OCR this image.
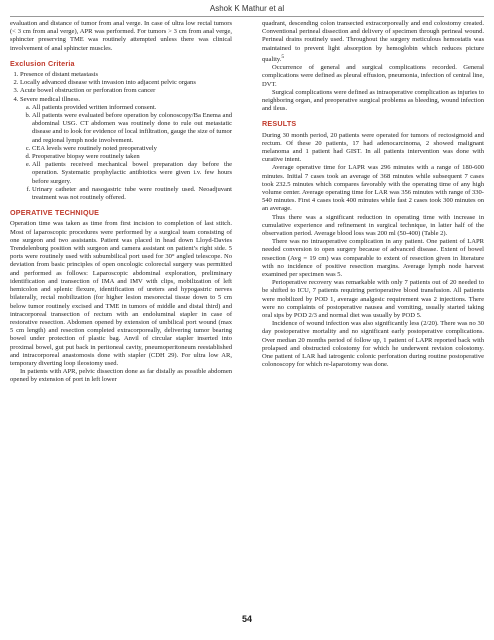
Ashok K Mathur et al

evaluation and distance of tumor from anal verge. In case of ultra low rectal tumors (< 3 cm from anal verge), APR was performed. For tumors > 3 cm from anal verge, sphincter preserving TME was routinely attempted unless there was clinical involvement of anal sphincter muscles.

Exclusion Criteria
1. Presence of distant metastasis
2. Locally advanced disease with invasion into adjacent pelvic organs
3. Acute bowel obstruction or perforation from cancer
4. Severe medical illness.
a. All patients provided written informed consent.
b. All patients were evaluated before operation by colonoscopy/Ba Enema and abdominal USG. CT abdomen was routinely done to rule out metastatic disease and to look for evidence of local infiltration, gauge the size of tumor and regional lymph node involvement.
c. CEA levels were routinely noted preoperatively
d. Preoperative biopsy were routinely taken
e. All patients received mechanical bowel preparation day before the operation. Systematic prophylactic antibiotics were given i.v. few hours before surgery.
f. Urinary catheter and nasogastric tube were routinely used. Neoadjuvant treatment was not routinely offered.
OPERATIVE TECHNIQUE

Operation time was taken as time from first incision to completion of last stitch. Most of laparoscopic procedures were performed by a surgical team consisting of one surgeon and two assistants. Patient was placed in head down Lloyd-Davies Trendelenburg position with surgeon and camera assistant on patient’s right side. 5 ports were routinely used with subumbilical port used for 30° angled telescope. No deviation from basic principles of open oncologic colorectal surgery was permitted and performed as follows: Laparoscopic abdominal exploration, preliminary identification and transection of IMA and IMV with clips, mobilization of left hemicolon and splenic flexure, identification of ureters and hypogastric nerves bilaterally, rectal mobilization (for higher lesion mesorectal tissue down to 5 cm below tumor routinely excised and TME in tumors of middle and distal third) and intracorporeal transection of rectum with an endoluminal stapler in case of restorative resection. Abdomen opened by extension of umbilical port wound (max 5 cm length) and resection completed extracorporeally, delivering tumor bearing bowel under protection of plastic bag. Anvil of circular stapler inserted into proximal bowel, gut put back in peritoneal cavity, pneumoperitoneum reestablished and intracorporeal anastomosis done with stapler (CDH 29). For ultra low AR, temporary diverting loop ileostomy used.

In patients with APR, pelvic dissection done as far distally as possible abdomen opened by extension of port in left lower

quadrant, descending colon transected extracorporeally and end colostomy created. Conventional perineal dissection and delivery of specimen through perineal wound. Perineal drains routinely used. Throughout the surgery meticulous hemostatis was maintained to prevent light absorption by hemoglobin which reduces picture quality.$^5$

Occurrence of general and surgical complications recorded. General complications were defined as pleural effusion, pneumonia, infection of central line, DVT.

Surgical complications were defined as intraoperative complication as injuries to neighboring organ, and preoperative surgical problems as bleeding, wound infection and ileus.

RESULTS

During 30 month period, 20 patients were operated for tumors of rectosigmoid and rectum. Of these 20 patients, 17 had adenocarcinoma, 2 showed malignant melanoma and 1 patient had GIST. In all patients intervention was done with curative intent.

Average operative time for LAPR was 296 minutes with a range of 180-600 minutes. Initial 7 cases took an average of 368 minutes while subsequent 7 cases took 232.5 minutes which compares favorably with the operating time of any high volume center. Average operating time for LAR was 356 minutes with range of 330-540 minutes. First 4 cases took 400 minutes while fast 2 cases took 300 minutes on an average.

Thus there was a significant reduction in operating time with increase in cumulative experience and refinement in surgical technique, in latter half of the observation period. Average blood loss was 200 ml (50-400) (Table 2).

There was no intraoperative complication in any patient. One patient of LAPR needed conversion to open surgery because of advanced disease. Extent of bowel resection (Avg = 19 cm) was comparable to extent of resection given in literature with no incidence of positive resection margins. Average lymph node harvest examined per specimen was 5.

Perioperative recovery was remarkable with only 7 patients out of 20 needed to be shifted to ICU, 7 patients requiring perioperative blood transfusion. All patients were mobilized by POD 1, average analgesic requirement was 2 injections. There were no complaints of postoperative nausea and vomiting, usually started taking oral sips by POD 2/3 and normal diet was usually by POD 5.

Incidence of wound infection was also significantly less (2/20). There was no 30 day postoperative mortality and no significant early postoperative complications. Over median 20 months period of follow up, 1 patient of LAPR reported back with prolapsed and obstructed colostomy for which he underwent revision colostomy. One patient of LAR had iatrogenic colonic perforation during routine postoperative colonoscopy for which re-laparotomy was done.

54
